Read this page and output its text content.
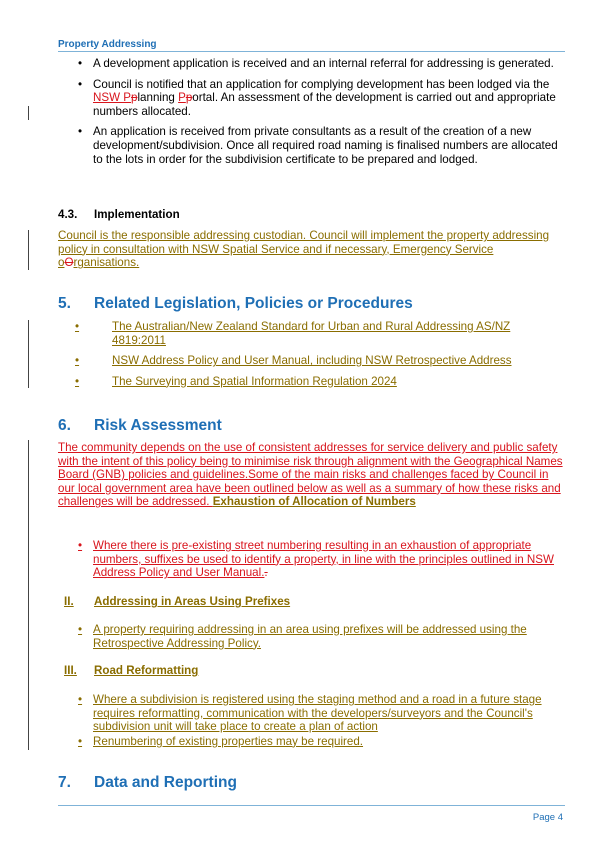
Property Addressing
• A development application is received and an internal referral for addressing is generated.
• Council is notified that an application for complying development has been lodged via the NSW Pplanning Pportal. An assessment of the development is carried out and appropriate numbers allocated.
• An application is received from private consultants as a result of the creation of a new development/subdivision. Once all required road naming is finalised numbers are allocated to the lots in order for the subdivision certificate to be prepared and lodged.
4.3. Implementation
Council is the responsible addressing custodian. Council will implement the property addressing policy in consultation with NSW Spatial Service and if necessary, Emergency Service oOrganisations.
5. Related Legislation, Policies or Procedures
•	The Australian/New Zealand Standard for Urban and Rural Addressing AS/NZ 4819:2011
•	NSW Address Policy and User Manual, including NSW Retrospective Address
•	The Surveying and Spatial Information Regulation 2024
6. Risk Assessment
The community depends on the use of consistent addresses for service delivery and public safety with the intent of this policy being to minimise risk through alignment with the Geographical Names Board (GNB) policies and guidelines.Some of the main risks and challenges faced by Council in our local government area have been outlined below as well as a summary of how these risks and challenges will be addressed. Exhaustion of Allocation of Numbers
• Where there is pre-existing street numbering resulting in an exhaustion of appropriate numbers, suffixes be used to identify a property, in line with the principles outlined in NSW Address Policy and User Manual..
II. Addressing in Areas Using Prefixes
• A property requiring addressing in an area using prefixes will be addressed using the Retrospective Addressing Policy.
III. Road Reformatting
• Where a subdivision is registered using the staging method and a road in a future stage requires reformatting, communication with the developers/surveyors and the Council's subdivision unit will take place to create a plan of action
• Renumbering of existing properties may be required.
7. Data and Reporting
Page 4
